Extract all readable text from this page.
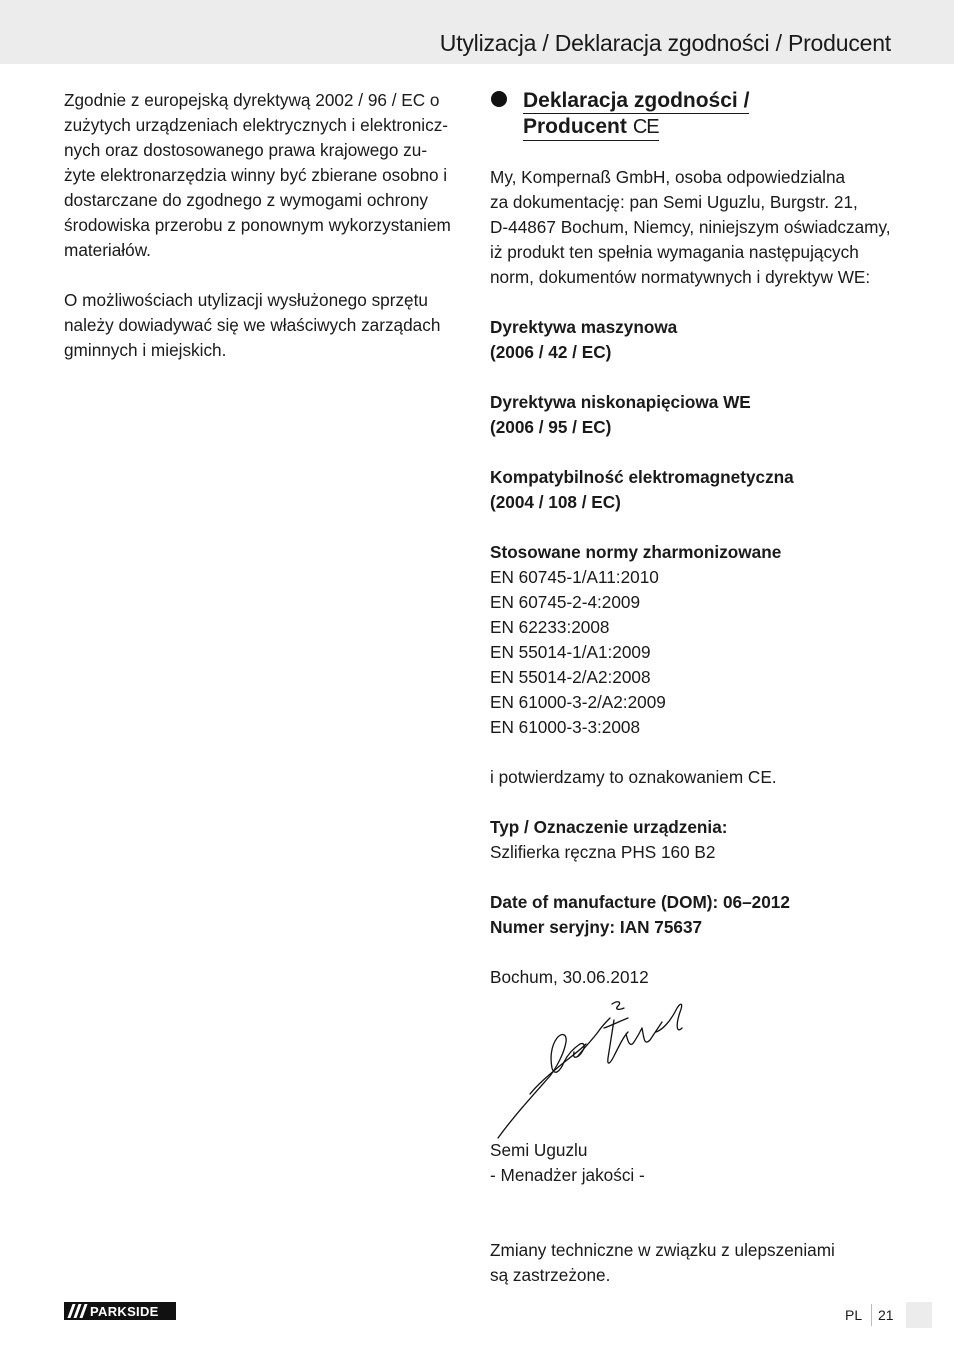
Utylizacja / Deklaracja zgodności / Producent

Zgodnie z europejską dyrektywą 2002 / 96 / EC o
zużytych urządzeniach elektrycznych i elektronicz-
nych oraz dostosowanego prawa krajowego zu-
żyte elektronarzędzia winny być zbierane osobno i
dostarczane do zgodnego z wymogami ochrony
środowiska przerobu z ponownym wykorzystaniem
materiałów.

O możliwościach utylizacji wysłużonego sprzętu
należy dowiadywać się we właściwych zarządach
gminnych i miejskich.

Deklaracja zgodności /
Producent CE

My, Kompernaß GmbH, osoba odpowiedzialna
za dokumentację: pan Semi Uguzlu, Burgstr. 21,
D-44867 Bochum, Niemcy, niniejszym oświadczamy,
iż produkt ten spełnia wymagania następujących
norm, dokumentów normatywnych i dyrektyw WE:

Dyrektywa maszynowa
(2006 / 42 / EC)

Dyrektywa niskonapięciowa WE
(2006 / 95 / EC)

Kompatybilność elektromagnetyczna
(2004 / 108 / EC)

Stosowane normy zharmonizowane

EN 60745-1/A11:2010
EN 60745-2-4:2009
EN 62233:2008
EN 55014-1/A1:2009
EN 55014-2/A2:2008
EN 61000-3-2/A2:2009
EN 61000-3-3:2008

i potwierdzamy to oznakowaniem CE.

Typ / Oznaczenie urządzenia:
Szlifierka ręczna PHS 160 B2

Date of manufacture (DOM): 06–2012
Numer seryjny: IAN 75637

Bochum, 30.06.2012

Semi Uguzlu
- Menadżer jakości -
Zmiany techniczne w związku z ulepszeniami
są zastrzeżone.
PARKSIDE	PL 21
